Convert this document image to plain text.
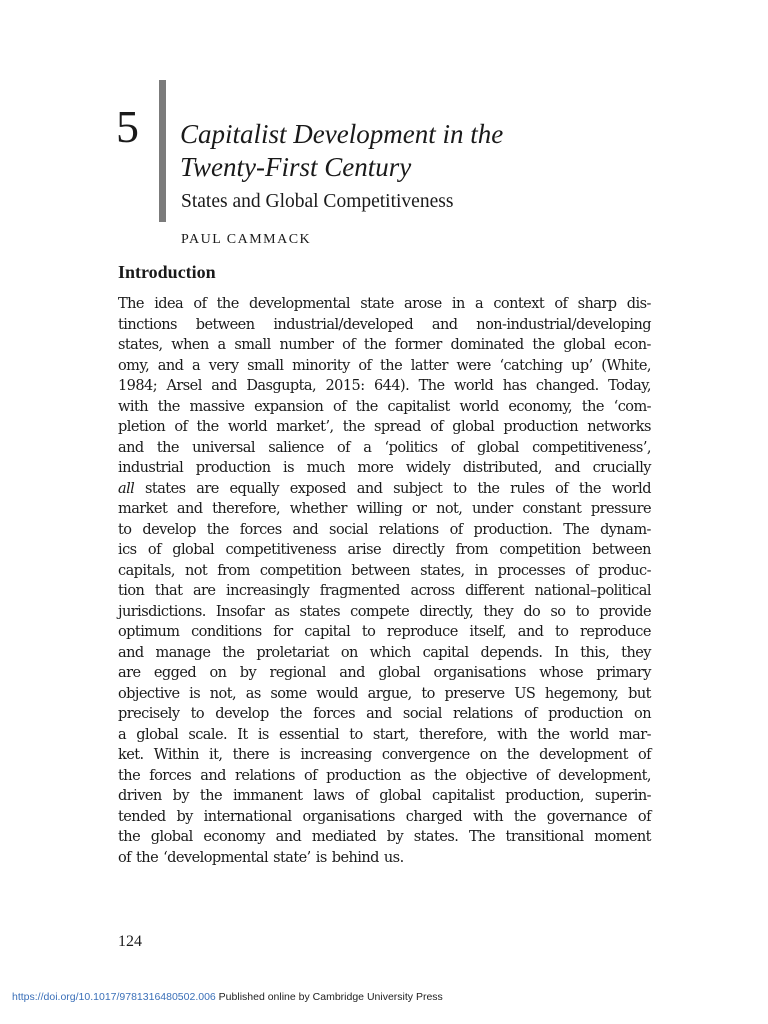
5 Capitalist Development in the
Twenty-First Century
States and Global Competitiveness
PAUL CAMMACK
Introduction
The idea of the developmental state arose in a context of sharp dis-
tinctions between industrial/developed and non-industrial/developing
states, when a small number of the former dominated the global econ-
omy, and a very small minority of the latter were ‘catching up’ (White,
1984; Arsel and Dasgupta, 2015: 644). The world has changed. Today,
with the massive expansion of the capitalist world economy, the ‘com-
pletion of the world market’, the spread of global production networks
and the universal salience of a ‘politics of global competitiveness’,
industrial production is much more widely distributed, and crucially
all states are equally exposed and subject to the rules of the world
market and therefore, whether willing or not, under constant pressure
to develop the forces and social relations of production. The dynam-
ics of global competitiveness arise directly from competition between
capitals, not from competition between states, in processes of produc-
tion that are increasingly fragmented across different national–political
jurisdictions. Insofar as states compete directly, they do so to provide
optimum conditions for capital to reproduce itself, and to reproduce
and manage the proletariat on which capital depends. In this, they
are egged on by regional and global organisations whose primary
objective is not, as some would argue, to preserve US hegemony, but
precisely to develop the forces and social relations of production on
a global scale. It is essential to start, therefore, with the world mar-
ket. Within it, there is increasing convergence on the development of
the forces and relations of production as the objective of development,
driven by the immanent laws of global capitalist production, superin-
tended by international organisations charged with the governance of
the global economy and mediated by states. The transitional moment
of the ‘developmental state’ is behind us.
124
https://doi.org/10.1017/9781316480502.006 Published online by Cambridge University Press
